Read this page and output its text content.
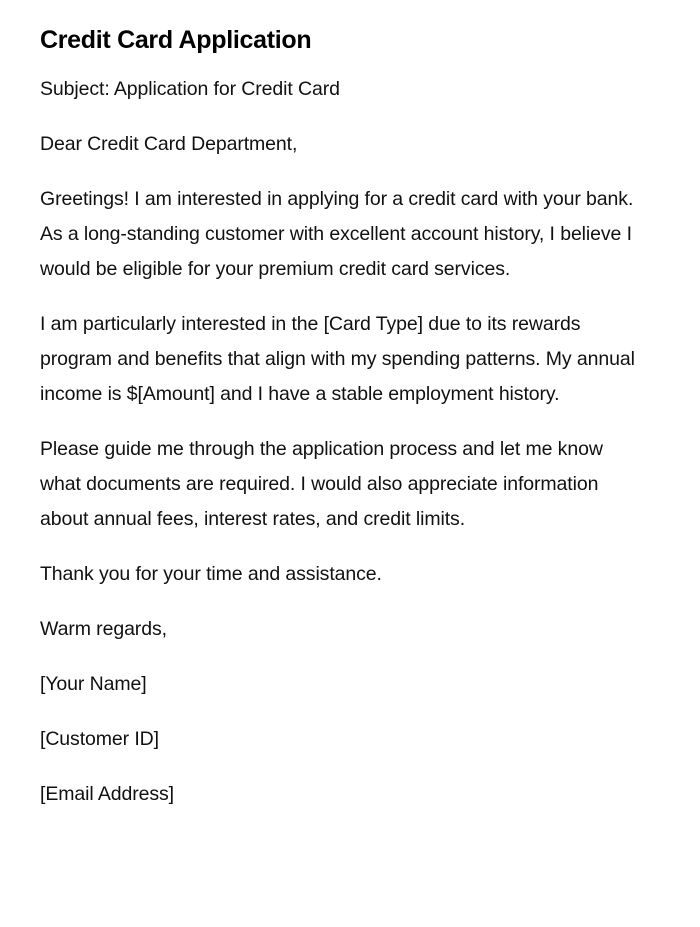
Credit Card Application

Subject: Application for Credit Card

Dear Credit Card Department,

Greetings! I am interested in applying for a credit card with your bank. As a long-standing customer with excellent account history, I believe I would be eligible for your premium credit card services.

I am particularly interested in the [Card Type] due to its rewards program and benefits that align with my spending patterns. My annual income is $[Amount] and I have a stable employment history.

Please guide me through the application process and let me know what documents are required. I would also appreciate information about annual fees, interest rates, and credit limits.

Thank you for your time and assistance.

Warm regards,

[Your Name]

[Customer ID]

[Email Address]
